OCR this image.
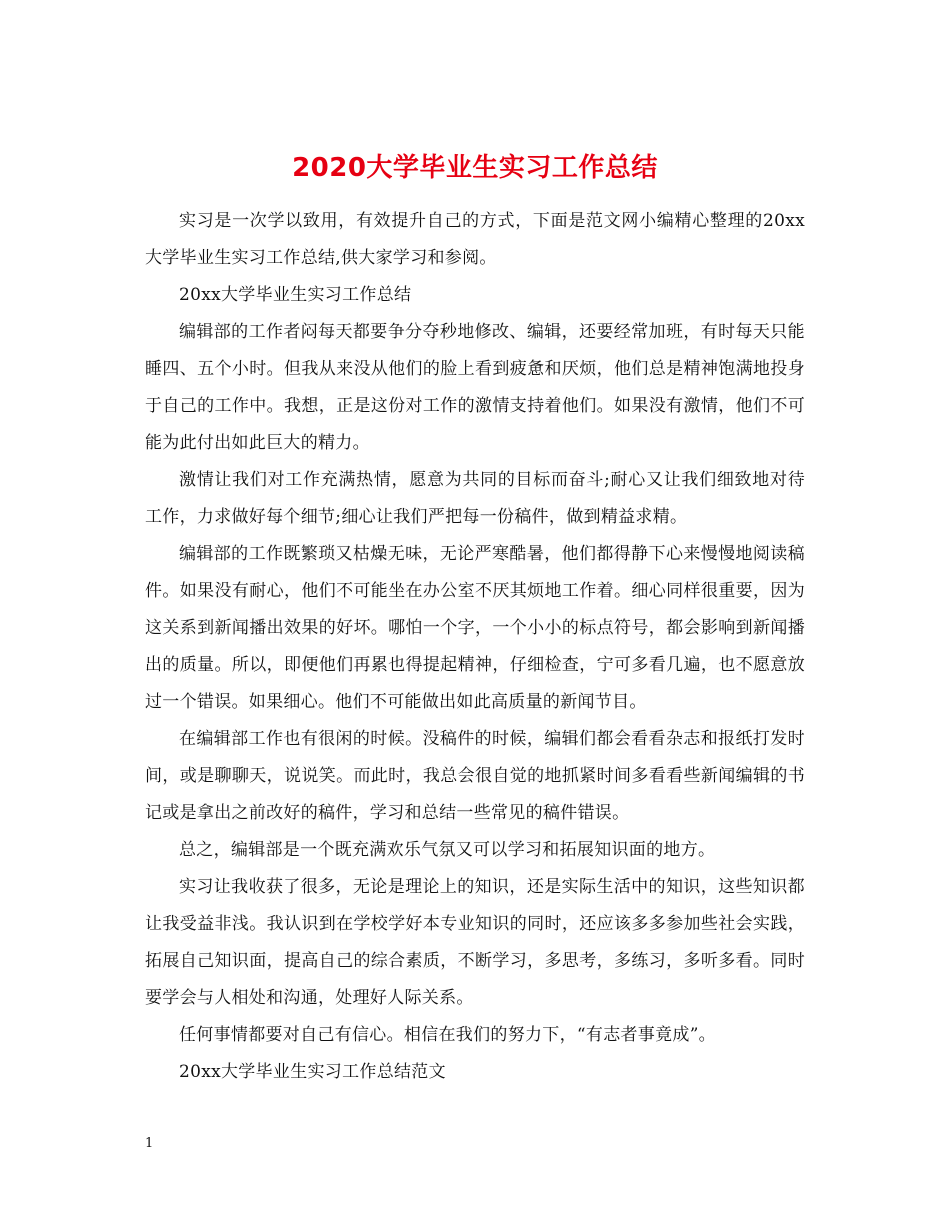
2020大学毕业生实习工作总结

实习是一次学以致用，有效提升自己的方式，下面是范文网小编精心整理的20xx大学毕业生实习工作总结,供大家学习和参阅。

20xx大学毕业生实习工作总结

编辑部的工作者闷每天都要争分夺秒地修改、编辑，还要经常加班，有时每天只能睡四、五个小时。但我从来没从他们的脸上看到疲惫和厌烦，他们总是精神饱满地投身于自己的工作中。我想，正是这份对工作的激情支持着他们。如果没有激情，他们不可能为此付出如此巨大的精力。

激情让我们对工作充满热情，愿意为共同的目标而奋斗;耐心又让我们细致地对待工作，力求做好每个细节;细心让我们严把每一份稿件，做到精益求精。

编辑部的工作既繁琐又枯燥无味，无论严寒酷暑，他们都得静下心来慢慢地阅读稿件。如果没有耐心，他们不可能坐在办公室不厌其烦地工作着。细心同样很重要，因为这关系到新闻播出效果的好坏。哪怕一个字，一个小小的标点符号，都会影响到新闻播出的质量。所以，即便他们再累也得提起精神，仔细检查，宁可多看几遍，也不愿意放过一个错误。如果细心。他们不可能做出如此高质量的新闻节目。

在编辑部工作也有很闲的时候。没稿件的时候，编辑们都会看看杂志和报纸打发时间，或是聊聊天，说说笑。而此时，我总会很自觉的地抓紧时间多看看些新闻编辑的书记或是拿出之前改好的稿件，学习和总结一些常见的稿件错误。

总之，编辑部是一个既充满欢乐气氛又可以学习和拓展知识面的地方。

实习让我收获了很多，无论是理论上的知识，还是实际生活中的知识，这些知识都让我受益非浅。我认识到在学校学好本专业知识的同时，还应该多多参加些社会实践，拓展自己知识面，提高自己的综合素质，不断学习，多思考，多练习，多听多看。同时要学会与人相处和沟通，处理好人际关系。

任何事情都要对自己有信心。相信在我们的努力下，“有志者事竟成”。

20xx大学毕业生实习工作总结范文

1
